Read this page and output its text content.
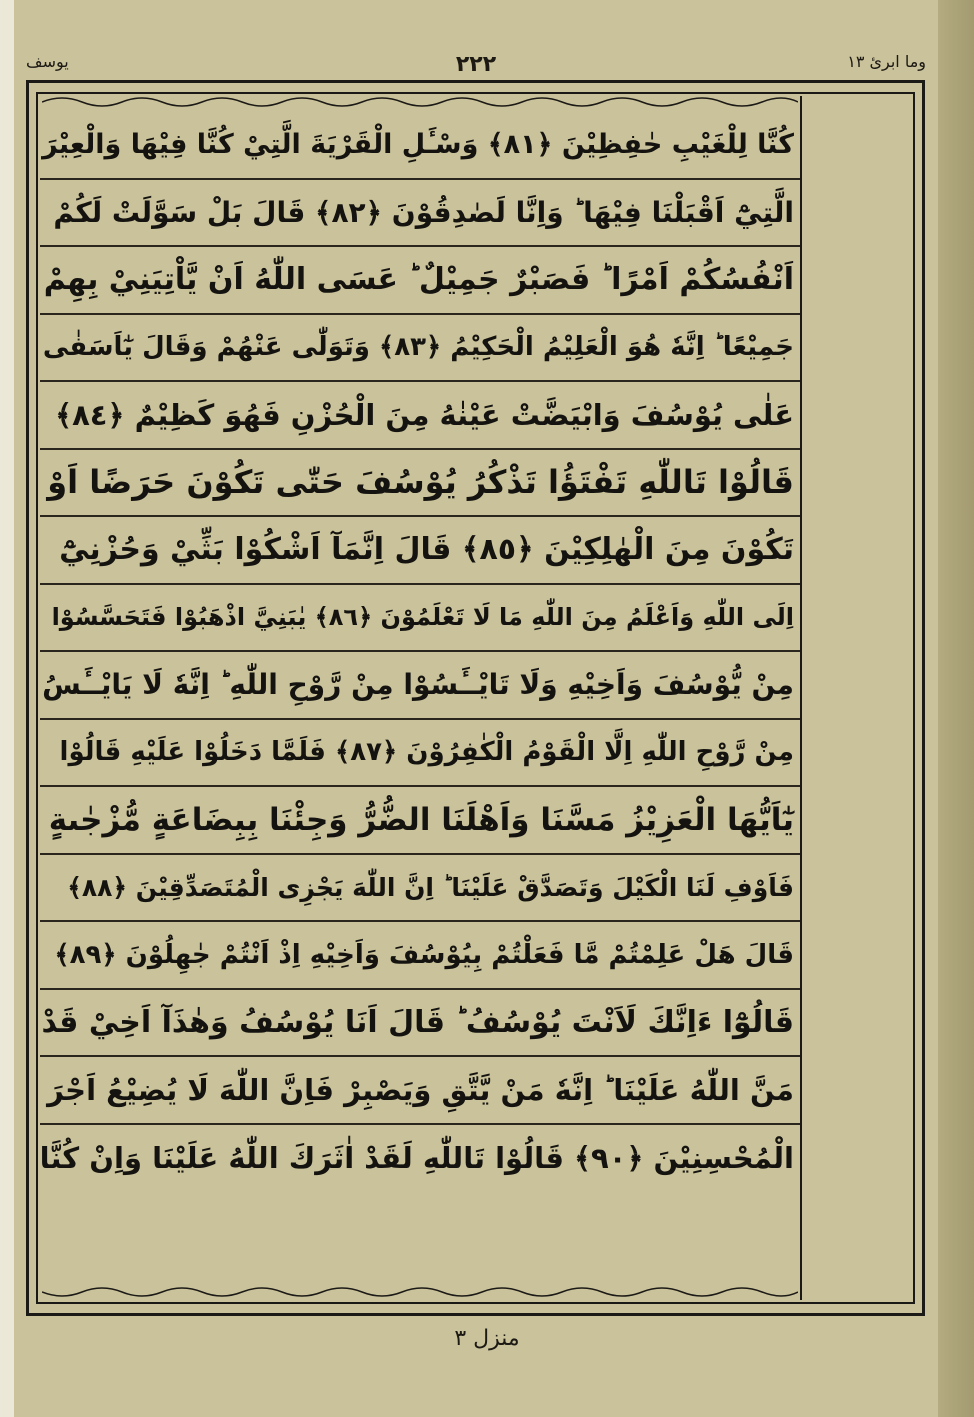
وما ابرئ ١٣
٢٢٢
يوسف
كُنَّا لِلْغَيْبِ حٰفِظِيْنَ ﴿٨١﴾ وَسْـَٔلِ الْقَرْيَةَ الَّتِيْ كُنَّا فِيْهَا وَالْعِيْرَ
الَّتِيْٓ اَقْبَلْنَا فِيْهَا ؕ وَاِنَّا لَصٰدِقُوْنَ ﴿٨٢﴾ قَالَ بَلْ سَوَّلَتْ لَكُمْ
اَنْفُسُكُمْ اَمْرًا ؕ فَصَبْرٌ جَمِيْلٌ ؕ عَسَى اللّٰهُ اَنْ يَّاْتِيَنِيْ بِهِمْ
جَمِيْعًا ؕ اِنَّهٗ هُوَ الْعَلِيْمُ الْحَكِيْمُ ﴿٨٣﴾ وَتَوَلّٰى عَنْهُمْ وَقَالَ يٰٓاَسَفٰى
عَلٰى يُوْسُفَ وَابْيَضَّتْ عَيْنٰهُ مِنَ الْحُزْنِ فَهُوَ كَظِيْمٌ ﴿٨٤﴾
قَالُوْا تَاللّٰهِ تَفْتَؤُا تَذْكُرُ يُوْسُفَ حَتّٰى تَكُوْنَ حَرَضًا اَوْ
تَكُوْنَ مِنَ الْهٰلِكِيْنَ ﴿٨٥﴾ قَالَ اِنَّمَآ اَشْكُوْا بَثِّيْ وَحُزْنِيْٓ
اِلَى اللّٰهِ وَاَعْلَمُ مِنَ اللّٰهِ مَا لَا تَعْلَمُوْنَ ﴿٨٦﴾ يٰبَنِيَّ اذْهَبُوْا فَتَحَسَّسُوْا
مِنْ يُّوْسُفَ وَاَخِيْهِ وَلَا تَايْــَٔسُوْا مِنْ رَّوْحِ اللّٰهِ ؕ اِنَّهٗ لَا يَايْــَٔسُ
مِنْ رَّوْحِ اللّٰهِ اِلَّا الْقَوْمُ الْكٰفِرُوْنَ ﴿٨٧﴾ فَلَمَّا دَخَلُوْا عَلَيْهِ قَالُوْا
يٰٓاَيُّهَا الْعَزِيْزُ مَسَّنَا وَاَهْلَنَا الضُّرُّ وَجِئْنَا بِبِضَاعَةٍ مُّزْجٰىةٍ
فَاَوْفِ لَنَا الْكَيْلَ وَتَصَدَّقْ عَلَيْنَا ؕ اِنَّ اللّٰهَ يَجْزِى الْمُتَصَدِّقِيْنَ ﴿٨٨﴾
قَالَ هَلْ عَلِمْتُمْ مَّا فَعَلْتُمْ بِيُوْسُفَ وَاَخِيْهِ اِذْ اَنْتُمْ جٰهِلُوْنَ ﴿٨٩﴾
قَالُوْٓا ءَاِنَّكَ لَاَنْتَ يُوْسُفُ ؕ قَالَ اَنَا يُوْسُفُ وَهٰذَآ اَخِيْ قَدْ
مَنَّ اللّٰهُ عَلَيْنَا ؕ اِنَّهٗ مَنْ يَّتَّقِ وَيَصْبِرْ فَاِنَّ اللّٰهَ لَا يُضِيْعُ اَجْرَ
الْمُحْسِنِيْنَ ﴿٩٠﴾ قَالُوْا تَاللّٰهِ لَقَدْ اٰثَرَكَ اللّٰهُ عَلَيْنَا وَاِنْ كُنَّا
منزل ٣
